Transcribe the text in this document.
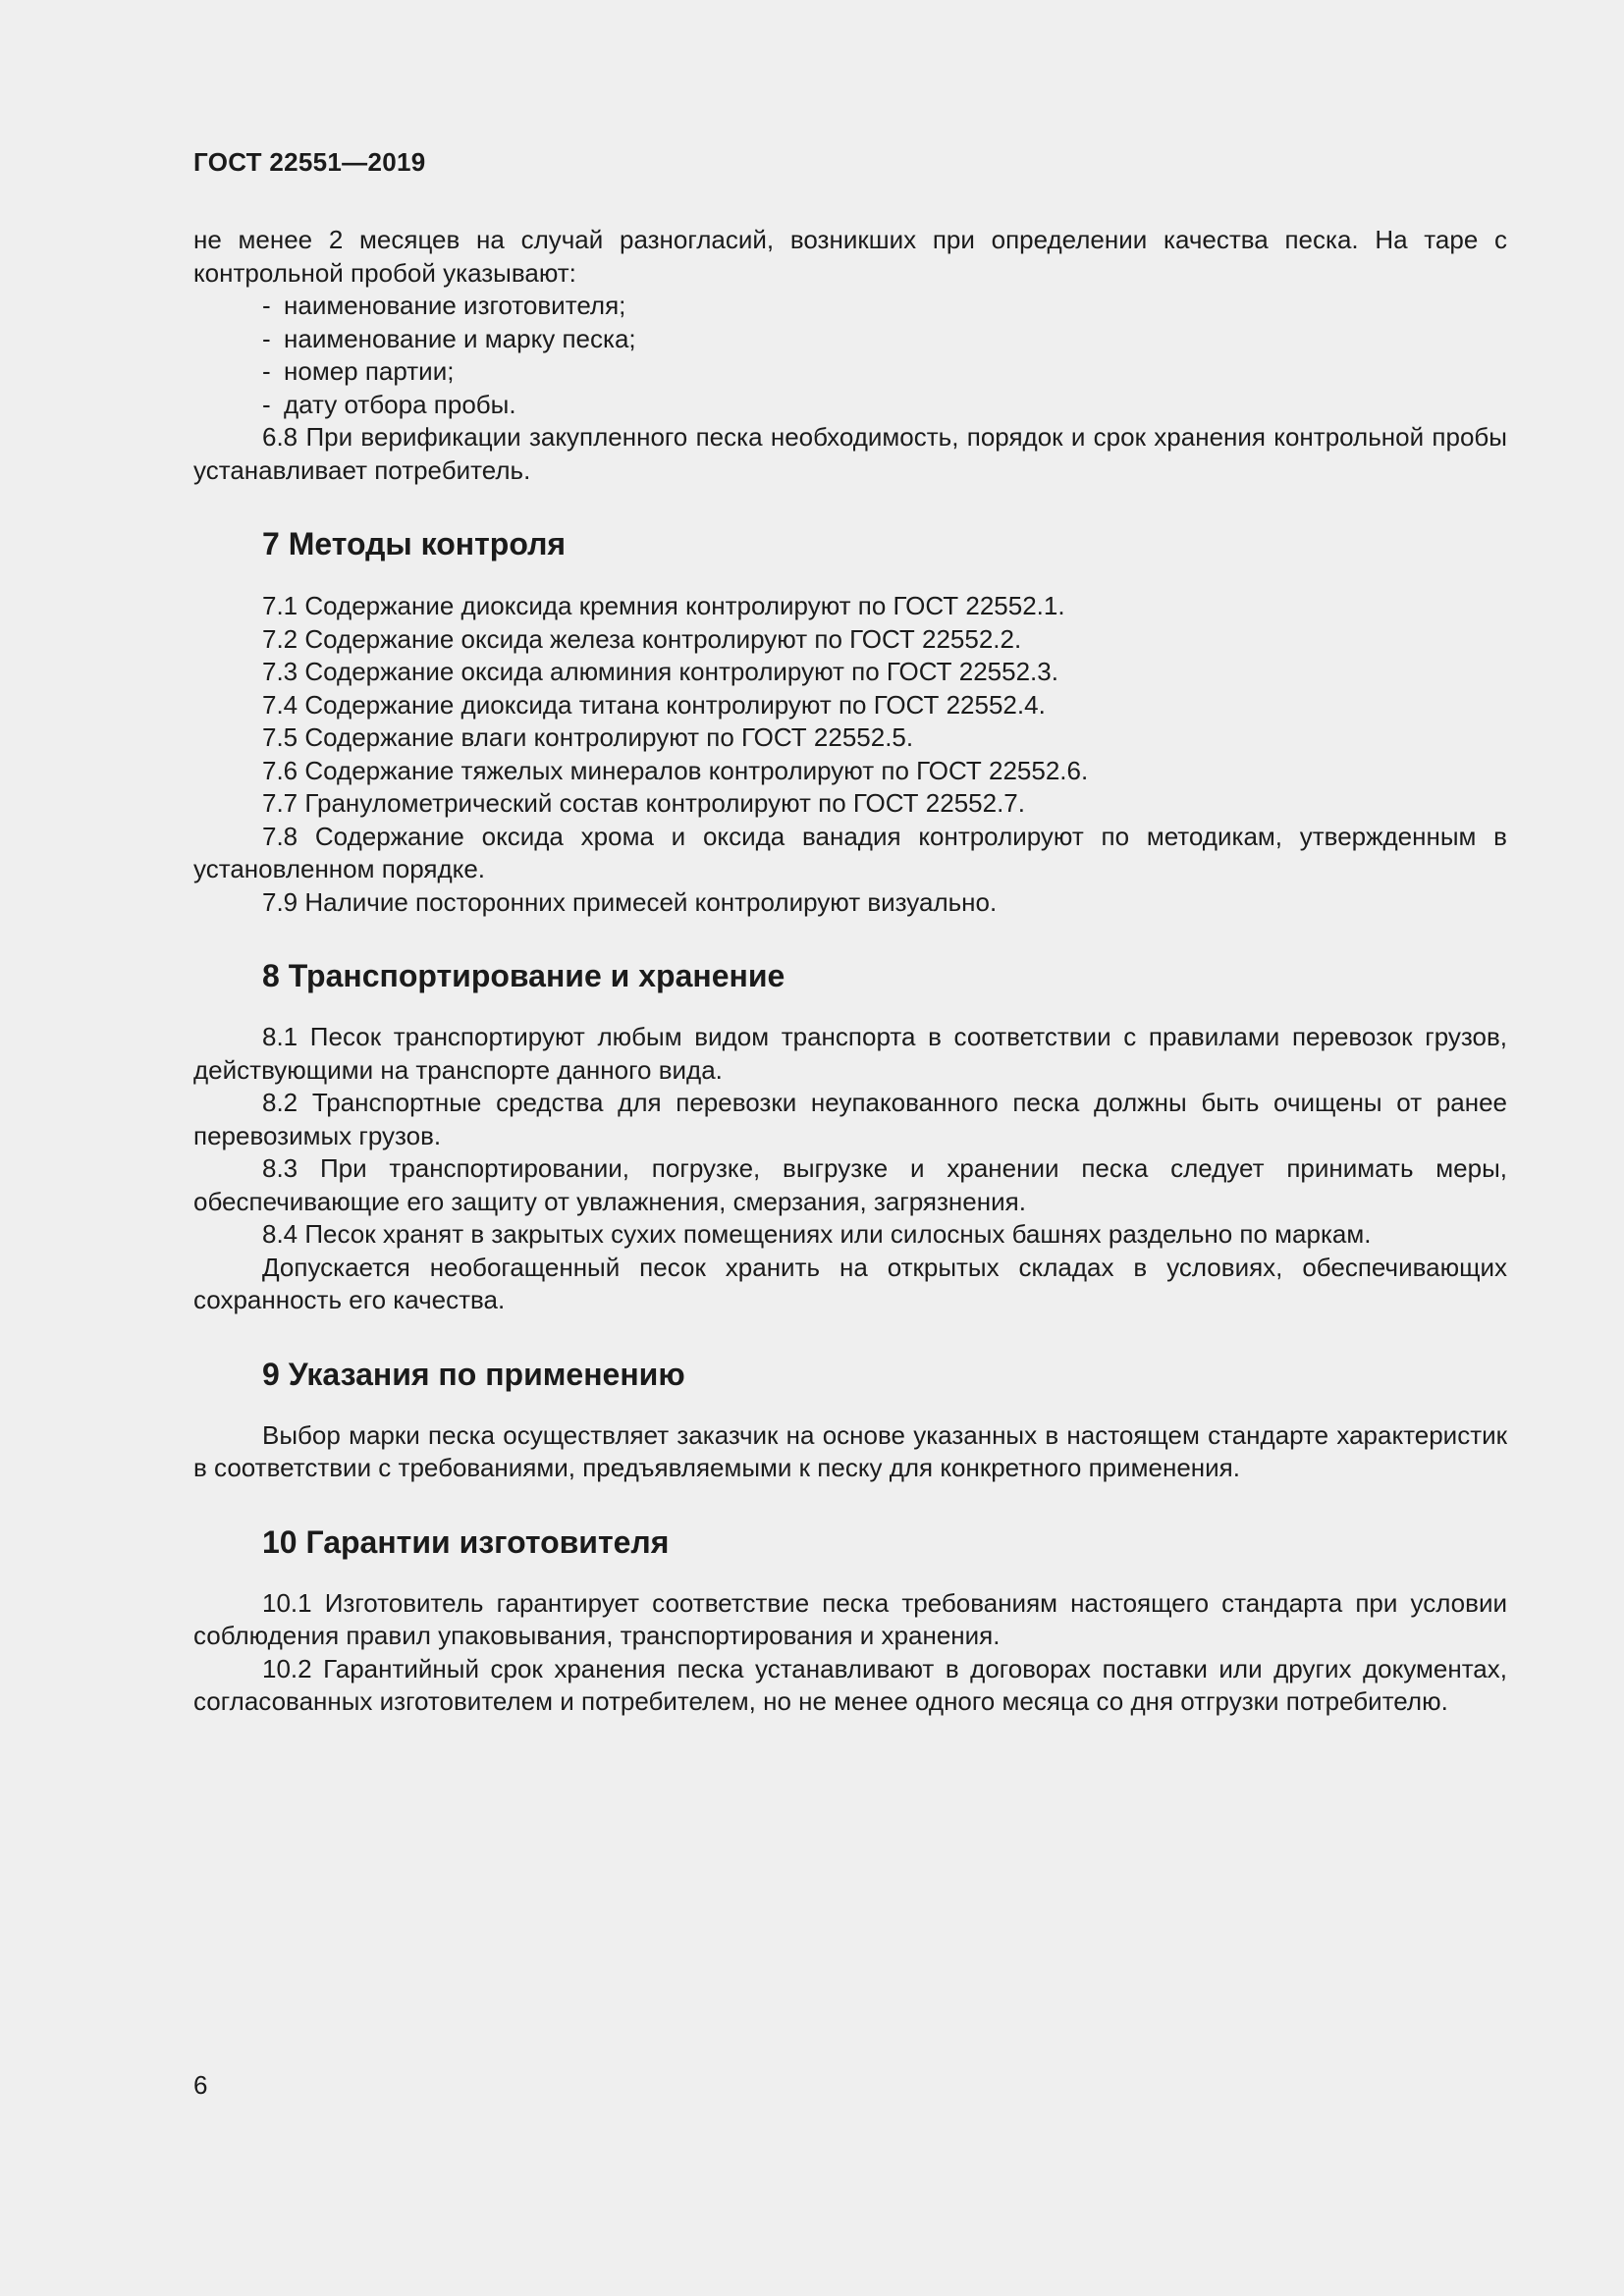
ГОСТ 22551—2019

не менее 2 месяцев на случай разногласий, возникших при определении качества песка. На таре с контрольной пробой указывают:

- наименование изготовителя;

- наименование и марку песка;

- номер партии;

- дату отбора пробы.

6.8 При верификации закупленного песка необходимость, порядок и срок хранения контрольной пробы устанавливает потребитель.

7 Методы контроля

7.1 Содержание диоксида кремния контролируют по ГОСТ 22552.1.

7.2 Содержание оксида железа контролируют по ГОСТ 22552.2.

7.3 Содержание оксида алюминия контролируют по ГОСТ 22552.3.

7.4 Содержание диоксида титана контролируют по ГОСТ 22552.4.

7.5 Содержание влаги контролируют по ГОСТ 22552.5.

7.6 Содержание тяжелых минералов контролируют по ГОСТ 22552.6.

7.7 Гранулометрический состав контролируют по ГОСТ 22552.7.

7.8 Содержание оксида хрома и оксида ванадия контролируют по методикам, утвержденным в установленном порядке.

7.9 Наличие посторонних примесей контролируют визуально.

8 Транспортирование и хранение

8.1 Песок транспортируют любым видом транспорта в соответствии с правилами перевозок грузов, действующими на транспорте данного вида.

8.2 Транспортные средства для перевозки неупакованного песка должны быть очищены от ранее перевозимых грузов.

8.3 При транспортировании, погрузке, выгрузке и хранении песка следует принимать меры, обеспечивающие его защиту от увлажнения, смерзания, загрязнения.

8.4 Песок хранят в закрытых сухих помещениях или силосных башнях раздельно по маркам.

Допускается необогащенный песок хранить на открытых складах в условиях, обеспечивающих сохранность его качества.

9 Указания по применению

Выбор марки песка осуществляет заказчик на основе указанных в настоящем стандарте характеристик в соответствии с требованиями, предъявляемыми к песку для конкретного применения.

10 Гарантии изготовителя

10.1 Изготовитель гарантирует соответствие песка требованиям настоящего стандарта при условии соблюдения правил упаковывания, транспортирования и хранения.

10.2 Гарантийный срок хранения песка устанавливают в договорах поставки или других документах, согласованных изготовителем и потребителем, но не менее одного месяца со дня отгрузки потребителю.

6
